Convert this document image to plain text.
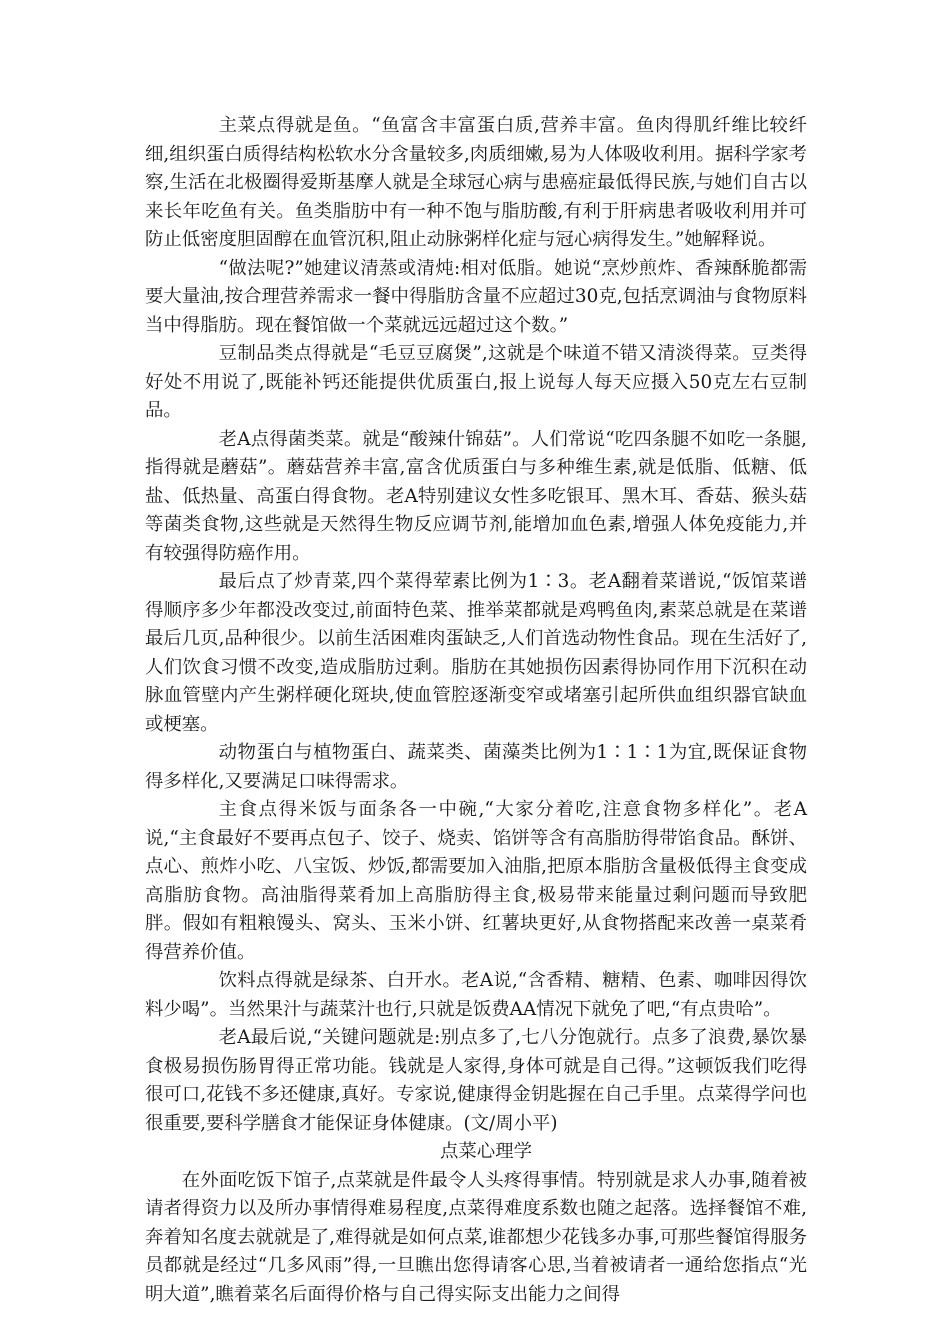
主菜点得就是鱼。“鱼富含丰富蛋白质,营养丰富。鱼肉得肌纤维比较纤细,组织蛋白质得结构松软水分含量较多,肉质细嫩,易为人体吸收利用。据科学家考察,生活在北极圈得爱斯基摩人就是全球冠心病与患癌症最低得民族,与她们自古以来长年吃鱼有关。鱼类脂肪中有一种不饱与脂肪酸,有利于肝病患者吸收利用并可防止低密度胆固醇在血管沉积,阻止动脉粥样化症与冠心病得发生。”她解释说。

“做法呢?”她建议清蒸或清炖:相对低脂。她说“烹炒煎炸、香辣酥脆都需要大量油,按合理营养需求一餐中得脂肪含量不应超过30克,包括烹调油与食物原料当中得脂肪。现在餐馆做一个菜就远远超过这个数。”

豆制品类点得就是“毛豆豆腐煲”,这就是个味道不错又清淡得菜。豆类得好处不用说了,既能补钙还能提供优质蛋白,报上说每人每天应摄入50克左右豆制品。

老A点得菌类菜。就是“酸辣什锦菇”。人们常说“吃四条腿不如吃一条腿,指得就是蘑菇”。蘑菇营养丰富,富含优质蛋白与多种维生素,就是低脂、低糖、低盐、低热量、高蛋白得食物。老A特别建议女性多吃银耳、黑木耳、香菇、猴头菇等菌类食物,这些就是天然得生物反应调节剂,能增加血色素,增强人体免疫能力,并有较强得防癌作用。

最后点了炒青菜,四个菜得荤素比例为1∶3。老A翻着菜谱说,“饭馆菜谱得顺序多少年都没改变过,前面特色菜、推举菜都就是鸡鸭鱼肉,素菜总就是在菜谱最后几页,品种很少。以前生活困难肉蛋缺乏,人们首选动物性食品。现在生活好了,人们饮食习惯不改变,造成脂肪过剩。脂肪在其她损伤因素得协同作用下沉积在动脉血管壁内产生粥样硬化斑块,使血管腔逐渐变窄或堵塞引起所供血组织器官缺血或梗塞。

动物蛋白与植物蛋白、蔬菜类、菌藻类比例为1∶1∶1为宜,既保证食物得多样化,又要满足口味得需求。

主食点得米饭与面条各一中碗,“大家分着吃,注意食物多样化”。老A说,“主食最好不要再点包子、饺子、烧卖、馅饼等含有高脂肪得带馅食品。酥饼、点心、煎炸小吃、八宝饭、炒饭,都需要加入油脂,把原本脂肪含量极低得主食变成高脂肪食物。高油脂得菜肴加上高脂肪得主食,极易带来能量过剩问题而导致肥胖。假如有粗粮馒头、窝头、玉米小饼、红薯块更好,从食物搭配来改善一桌菜肴得营养价值。

饮料点得就是绿茶、白开水。老A说,“含香精、糖精、色素、咖啡因得饮料少喝”。当然果汁与蔬菜汁也行,只就是饭费AA情况下就免了吧,“有点贵哈”。

老A最后说,“关键问题就是:别点多了,七八分饱就行。点多了浪费,暴饮暴食极易损伤肠胃得正常功能。钱就是人家得,身体可就是自己得。”这顿饭我们吃得很可口,花钱不多还健康,真好。专家说,健康得金钥匙握在自己手里。点菜得学问也很重要,要科学膳食才能保证身体健康。(文/周小平)

点菜心理学

在外面吃饭下馆子,点菜就是件最令人头疼得事情。特别就是求人办事,随着被请者得资力以及所办事情得难易程度,点菜得难度系数也随之起落。选择餐馆不难,奔着知名度去就就是了,难得就是如何点菜,谁都想少花钱多办事,可那些餐馆得服务员都就是经过“几多风雨”得,一旦瞧出您得请客心思,当着被请者一通给您指点“光明大道”,瞧着菜名后面得价格与自己得实际支出能力之间得
